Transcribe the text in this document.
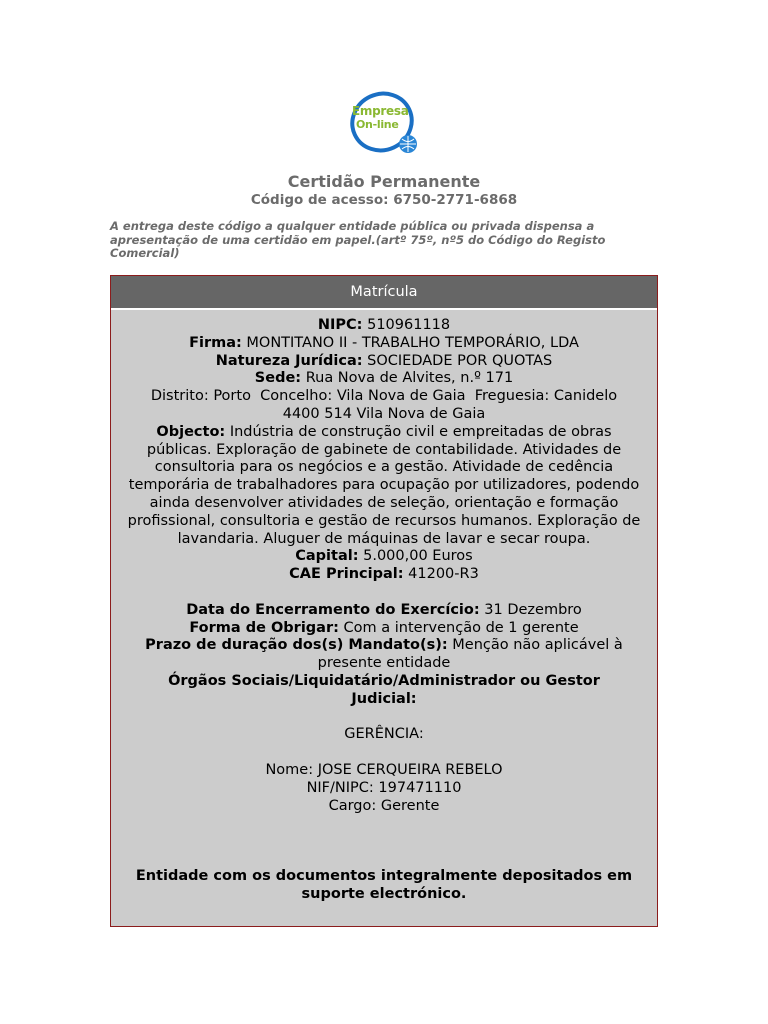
Empresa
On-line
Certidão Permanente
Código de acesso: 6750-2771-6868
A entrega deste código a qualquer entidade pública ou privada dispensa a apresentação de uma certidão em papel.(artº 75º, nº5 do Código do Registo Comercial)
Matrícula
NIPC: 510961118
Firma: MONTITANO II - TRABALHO TEMPORÁRIO, LDA
Natureza Jurídica: SOCIEDADE POR QUOTAS
Sede: Rua Nova de Alvites, n.º 171
Distrito: Porto  Concelho: Vila Nova de Gaia  Freguesia: Canidelo
4400 514 Vila Nova de Gaia
Objecto: Indústria de construção civil e empreitadas de obras públicas. Exploração de gabinete de contabilidade. Atividades de consultoria para os negócios e a gestão. Atividade de cedência temporária de trabalhadores para ocupação por utilizadores, podendo ainda desenvolver atividades de seleção, orientação e formação profissional, consultoria e gestão de recursos humanos. Exploração de lavandaria. Aluguer de máquinas de lavar e secar roupa.
Capital: 5.000,00 Euros
CAE Principal: 41200-R3
Data do Encerramento do Exercício: 31 Dezembro
Forma de Obrigar: Com a intervenção de 1 gerente
Prazo de duração dos(s) Mandato(s): Menção não aplicável à presente entidade
Órgãos Sociais/Liquidatário/Administrador ou Gestor Judicial:
GERÊNCIA:
Nome: JOSE CERQUEIRA REBELO
NIF/NIPC: 197471110
Cargo: Gerente
Entidade com os documentos integralmente depositados em suporte electrónico.
